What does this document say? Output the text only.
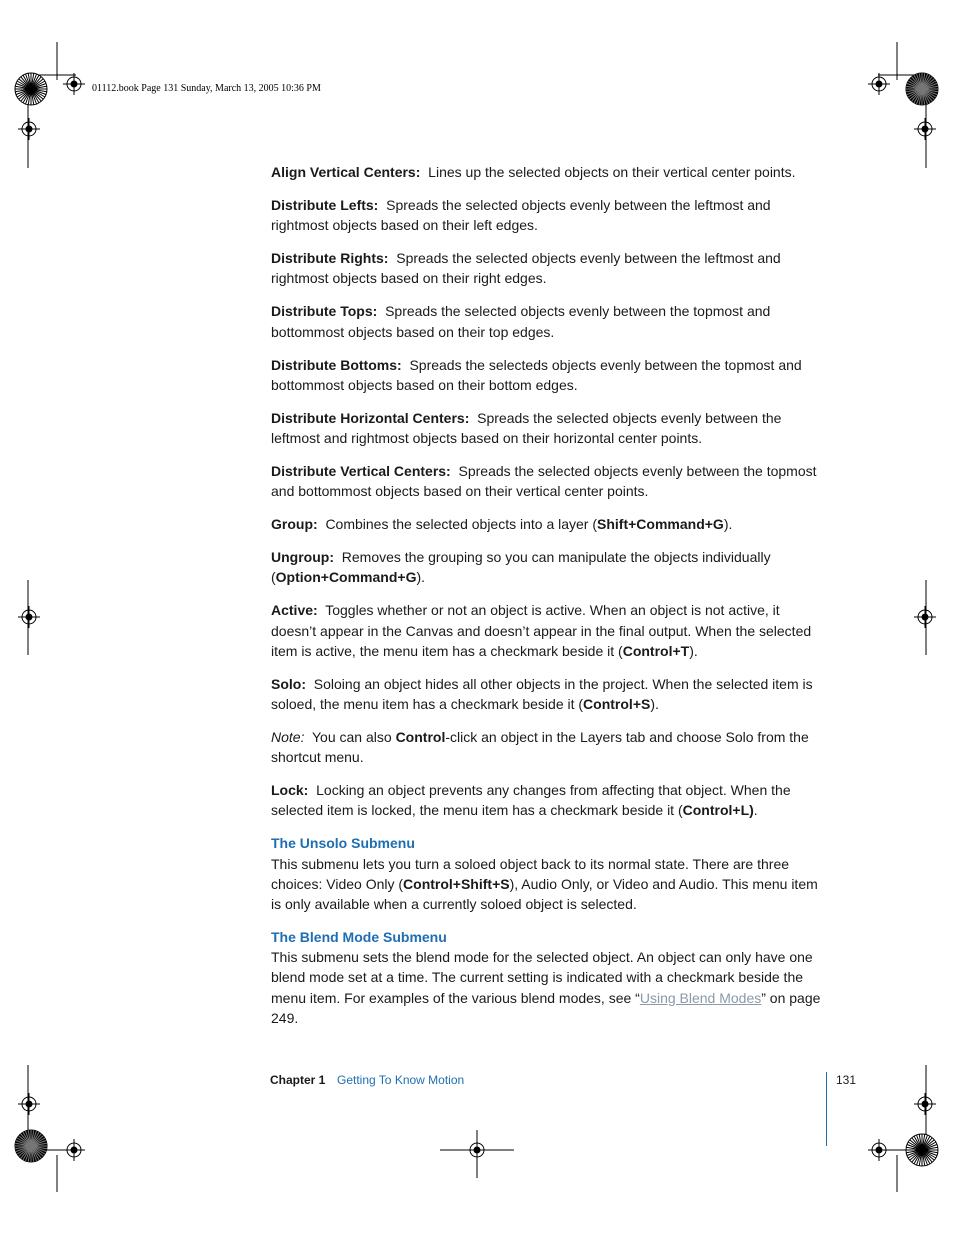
01112.book Page 131 Sunday, March 13, 2005 10:36 PM

Align Vertical Centers: Lines up the selected objects on their vertical center points.

Distribute Lefts: Spreads the selected objects evenly between the leftmost and rightmost objects based on their left edges.

Distribute Rights: Spreads the selected objects evenly between the leftmost and rightmost objects based on their right edges.

Distribute Tops: Spreads the selected objects evenly between the topmost and bottommost objects based on their top edges.

Distribute Bottoms: Spreads the selecteds objects evenly between the topmost and bottommost objects based on their bottom edges.

Distribute Horizontal Centers: Spreads the selected objects evenly between the leftmost and rightmost objects based on their horizontal center points.

Distribute Vertical Centers: Spreads the selected objects evenly between the topmost and bottommost objects based on their vertical center points.

Group: Combines the selected objects into a layer (Shift+Command+G).

Ungroup: Removes the grouping so you can manipulate the objects individually (Option+Command+G).

Active: Toggles whether or not an object is active. When an object is not active, it doesn’t appear in the Canvas and doesn’t appear in the final output. When the selected item is active, the menu item has a checkmark beside it (Control+T).

Solo: Soloing an object hides all other objects in the project. When the selected item is soloed, the menu item has a checkmark beside it (Control+S).

Note: You can also Control-click an object in the Layers tab and choose Solo from the shortcut menu.

Lock: Locking an object prevents any changes from affecting that object. When the selected item is locked, the menu item has a checkmark beside it (Control+L).

The Unsolo Submenu

This submenu lets you turn a soloed object back to its normal state. There are three choices: Video Only (Control+Shift+S), Audio Only, or Video and Audio. This menu item is only available when a currently soloed object is selected.

The Blend Mode Submenu

This submenu sets the blend mode for the selected object. An object can only have one blend mode set at a time. The current setting is indicated with a checkmark beside the menu item. For examples of the various blend modes, see “Using Blend Modes” on page 249.

Chapter 1 Getting To Know Motion	131
